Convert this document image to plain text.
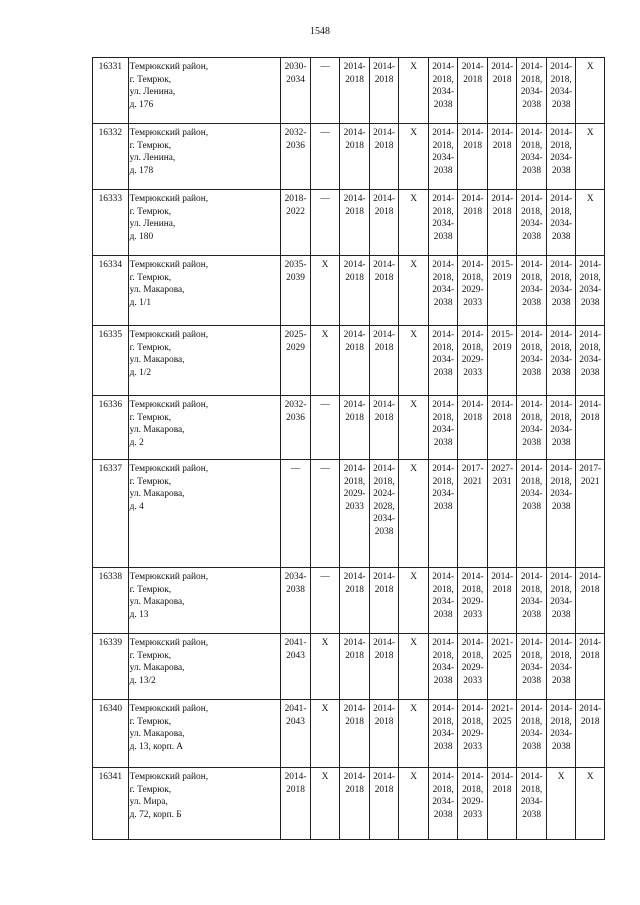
1548
16331	Темрюкский район,
г. Темрюк,
ул. Ленина,
д. 176	2030-2034	—	2014-2018	2014-2018	X	2014-2018, 2034-2038	2014-2018	2014-2018	2014-2018, 2034-2038	2014-2018, 2034-2038	X
16332	Темрюкский район,
г. Темрюк,
ул. Ленина,
д. 178	2032-2036	—	2014-2018	2014-2018	X	2014-2018, 2034-2038	2014-2018	2014-2018	2014-2018, 2034-2038	2014-2018, 2034-2038	X
16333	Темрюкский район,
г. Темрюк,
ул. Ленина,
д. 180	2018-2022	—	2014-2018	2014-2018	X	2014-2018, 2034-2038	2014-2018	2014-2018	2014-2018, 2034-2038	2014-2018, 2034-2038	X
16334	Темрюкский район,
г. Темрюк,
ул. Макарова,
д. 1/1	2035-2039	X	2014-2018	2014-2018	X	2014-2018, 2034-2038	2014-2018, 2029-2033	2015-2019	2014-2018, 2034-2038	2014-2018, 2034-2038	2014-2018, 2034-2038
16335	Темрюкский район,
г. Темрюк,
ул. Макарова,
д. 1/2	2025-2029	X	2014-2018	2014-2018	X	2014-2018, 2034-2038	2014-2018, 2029-2033	2015-2019	2014-2018, 2034-2038	2014-2018, 2034-2038	2014-2018, 2034-2038
16336	Темрюкский район,
г. Темрюк,
ул. Макарова,
д. 2	2032-2036	—	2014-2018	2014-2018	X	2014-2018, 2034-2038	2014-2018	2014-2018	2014-2018, 2034-2038	2014-2018, 2034-2038	2014-2018
16337	Темрюкский район,
г. Темрюк,
ул. Макарова,
д. 4	—	—	2014-2018, 2029-2033	2014-2018, 2024-2028, 2034-2038	X	2014-2018, 2034-2038	2017-2021	2027-2031	2014-2018, 2034-2038	2014-2018, 2034-2038	2017-2021
16338	Темрюкский район,
г. Темрюк,
ул. Макарова,
д. 13	2034-2038	—	2014-2018	2014-2018	X	2014-2018, 2034-2038	2014-2018, 2029-2033	2014-2018	2014-2018, 2034-2038	2014-2018, 2034-2038	2014-2018
16339	Темрюкский район,
г. Темрюк,
ул. Макарова,
д. 13/2	2041-2043	X	2014-2018	2014-2018	X	2014-2018, 2034-2038	2014-2018, 2029-2033	2021-2025	2014-2018, 2034-2038	2014-2018, 2034-2038	2014-2018
16340	Темрюкский район,
г. Темрюк,
ул. Макарова,
д. 13, корп. А	2041-2043	X	2014-2018	2014-2018	X	2014-2018, 2034-2038	2014-2018, 2029-2033	2021-2025	2014-2018, 2034-2038	2014-2018, 2034-2038	2014-2018
16341	Темрюкский район,
г. Темрюк,
ул. Мира,
д. 72, корп. Б	2014-2018	X	2014-2018	2014-2018	X	2014-2018, 2034-2038	2014-2018, 2029-2033	2014-2018	2014-2018, 2034-2038	X	X
